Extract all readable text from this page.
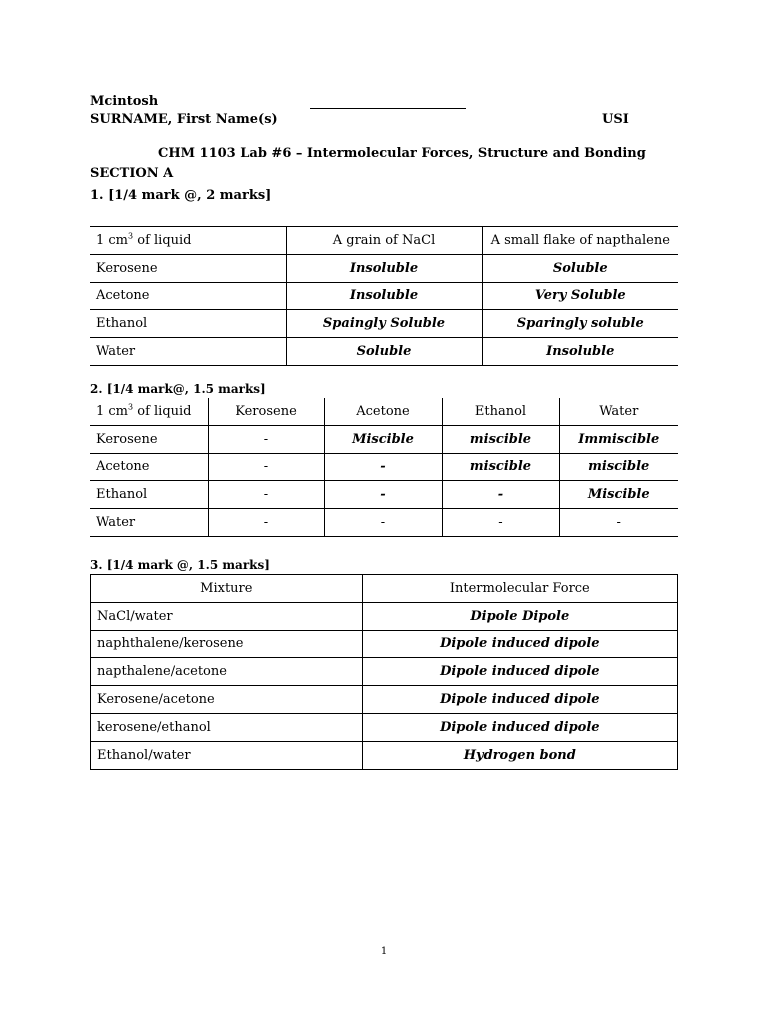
Mcintosh
SURNAME, First Name(s)	USI
CHM 1103 Lab #6 – Intermolecular Forces, Structure and Bonding
SECTION A
1. [1/4 mark @, 2 marks]
1 $cm^3$ of liquid	A grain of NaCl	A small flake of napthalene
Kerosene	Insoluble	Soluble
Acetone	Insoluble	Very Soluble
Ethanol	Spaingly Soluble	Sparingly soluble
Water	Soluble	Insoluble
2. [1/4 mark@, 1.5 marks]
1 $cm^3$ of liquid	Kerosene	Acetone	Ethanol	Water
Kerosene	-	Miscible	miscible	Immiscible
Acetone	-	-	miscible	miscible
Ethanol	-	-	-	Miscible
Water	-	-	-	-
3. [1/4 mark @, 1.5 marks]
Mixture	Intermolecular Force
NaCl/water	Dipole Dipole
naphthalene/kerosene	Dipole induced dipole
napthalene/acetone	Dipole induced dipole
Kerosene/acetone	Dipole induced dipole
kerosene/ethanol	Dipole induced dipole
Ethanol/water	Hydrogen bond
1
